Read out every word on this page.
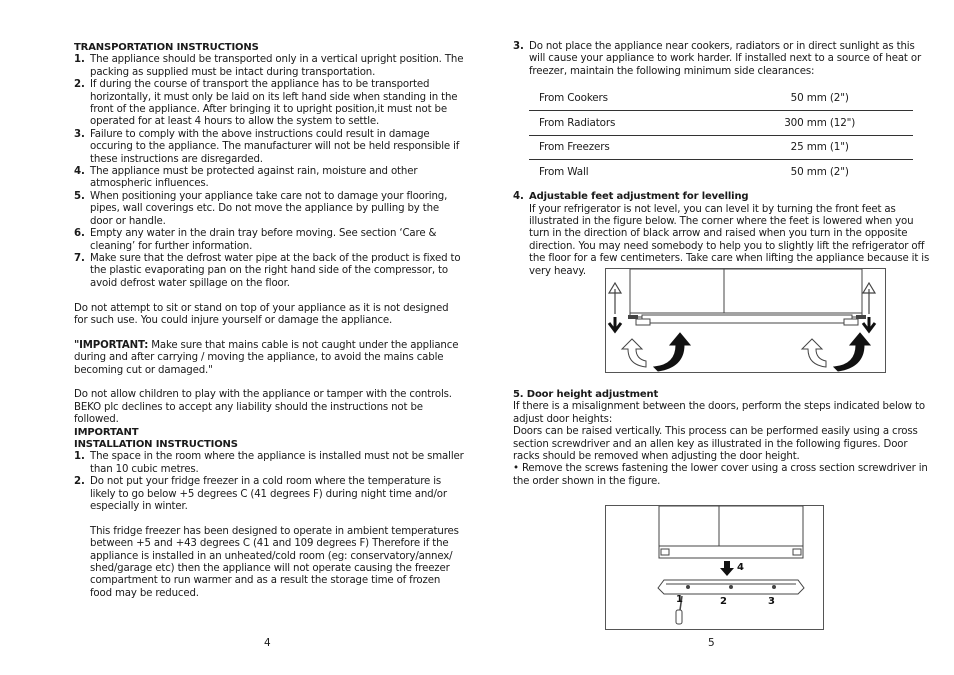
TRANSPORTATION INSTRUCTIONS

1. The appliance should be transported only in a vertical upright position. The packing as supplied must be intact during transportation.
2. If during the course of transport the appliance has to be transported horizontally, it must only be laid on its left hand side when standing in the front of the appliance. After bringing it to upright position,it must not be operated for at least 4 hours to allow the system to settle.
3. Failure to comply with the above instructions could result in damage occuring to the appliance. The manufacturer will not be held responsible if these instructions are disregarded.
4. The appliance must be protected against rain, moisture and other atmospheric influences.
5. When positioning your appliance take care not to damage your flooring, pipes, wall coverings etc. Do not move the appliance by pulling by the door or handle.
6. Empty any water in the drain tray before moving. See section ‘Care & cleaning’ for further information.
7. Make sure that the defrost water pipe at the back of the product is fixed to the plastic evaporating pan on the right hand side of the compressor, to avoid defrost water spillage on the floor.

Do not attempt to sit or stand on top of your appliance as it is not designed for such use. You could injure yourself or damage the appliance.

"IMPORTANT: Make sure that mains cable is not caught under the appliance during and after carrying / moving the appliance, to avoid the mains cable becoming cut or damaged."

Do not allow children to play with the appliance or tamper with the controls. BEKO plc declines to accept any liability should the instructions not be followed.

IMPORTANT

INSTALLATION INSTRUCTIONS

1. The space in the room where the appliance is installed must not be smaller than 10 cubic metres.
2. Do not put your fridge freezer in a cold room where the temperature is likely to go below +5 degrees C (41 degrees F) during night time and/or especially in winter.

This fridge freezer has been designed to operate in ambient temperatures between +5 and +43 degrees C (41 and 109 degrees F) Therefore if the appliance is installed in an unheated/cold room (eg: conservatory/annex/ shed/garage etc) then the appliance will not operate causing the freezer compartment to run warmer and as a result the storage time of frozen food may be reduced.

4
3. Do not place the appliance near cookers, radiators or in direct sunlight as this will cause your appliance to work harder. If installed next to a source of heat or freezer, maintain the following minimum side clearances:
From Cookers	50 mm (2")
From Radiators	300 mm (12")
From Freezers	25 mm (1")
From Wall	50 mm (2")
4. Adjustable feet adjustment for levelling

If your refrigerator is not level, you can level it by turning the front feet as illustrated in the figure below. The corner where the feet is lowered when you turn in the direction of black arrow and raised when you turn in the opposite direction. You may need somebody to help you to slightly lift the refrigerator off the floor for a few centimeters. Take care when lifting the appliance because it is very heavy.

5. Door height adjustment

If there is a misalignment between the doors, perform the steps indicated below to adjust door heights:

Doors can be raised vertically. This process can be performed easily using a cross section screwdriver and an allen key as illustrated in the following figures. Door racks should be removed when adjusting the door height.

• Remove the screws fastening the lower cover using a cross section screwdriver in the order shown in the figure.

1	2	3
4
5
